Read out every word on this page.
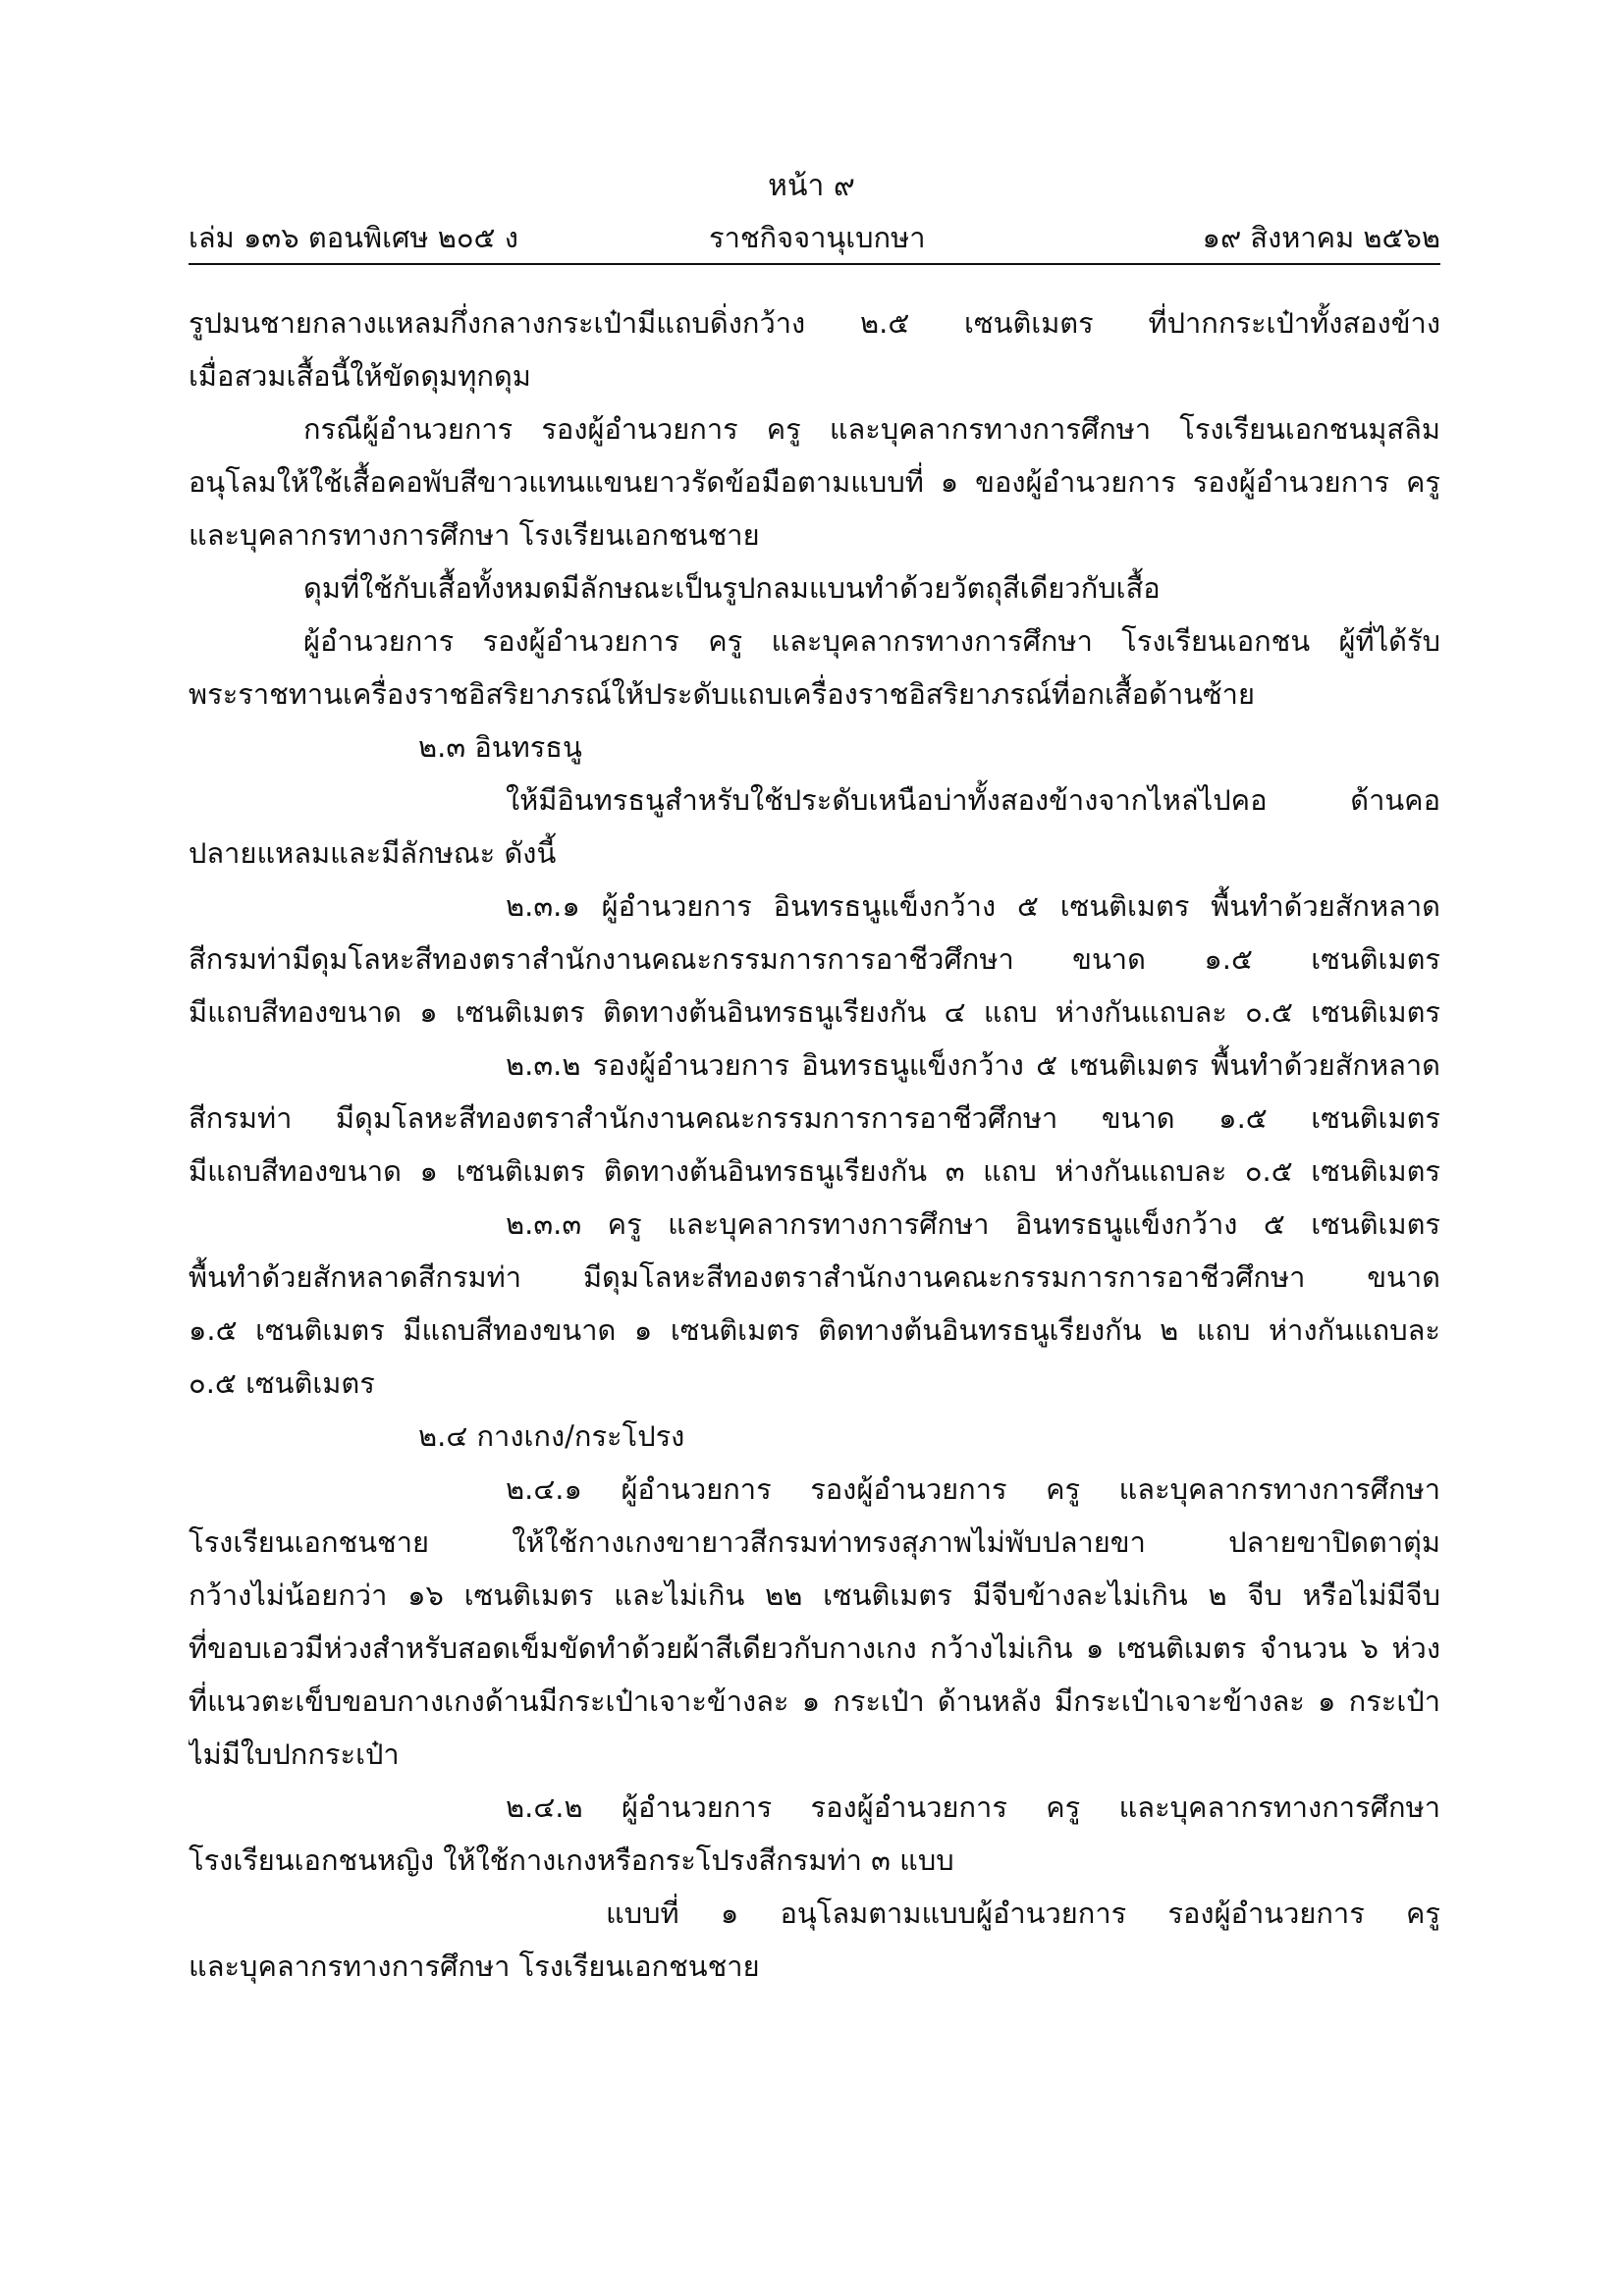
หน้า ๙
เล่ม ๑๓๖ ตอนพิเศษ ๒๐๕ ง	ราชกิจจานุเบกษา	๑๙ สิงหาคม ๒๕๖๒
รูปมนชายกลางแหลมกึ่งกลางกระเป๋ามีแถบดิ่งกว้าง ๒.๕ เซนติเมตร ที่ปากกระเป๋าทั้งสองข้าง
เมื่อสวมเสื้อนี้ให้ขัดดุมทุกดุม
กรณีผู้อำนวยการ รองผู้อำนวยการ ครู และบุคลากรทางการศึกษา โรงเรียนเอกชนมุสลิม
อนุโลมให้ใช้เสื้อคอพับสีขาวแทนแขนยาวรัดข้อมือตามแบบที่ ๑ ของผู้อำนวยการ รองผู้อำนวยการ ครู
และบุคลากรทางการศึกษา โรงเรียนเอกชนชาย
ดุมที่ใช้กับเสื้อทั้งหมดมีลักษณะเป็นรูปกลมแบนทำด้วยวัตถุสีเดียวกับเสื้อ
ผู้อำนวยการ รองผู้อำนวยการ ครู และบุคลากรทางการศึกษา โรงเรียนเอกชน ผู้ที่ได้รับ
พระราชทานเครื่องราชอิสริยาภรณ์ให้ประดับแถบเครื่องราชอิสริยาภรณ์ที่อกเสื้อด้านซ้าย
๒.๓ อินทรธนู
ให้มีอินทรธนูสำหรับใช้ประดับเหนือบ่าทั้งสองข้างจากไหล่ไปคอ ด้านคอ
ปลายแหลมและมีลักษณะ ดังนี้
๒.๓.๑ ผู้อำนวยการ อินทรธนูแข็งกว้าง ๕ เซนติเมตร พื้นทำด้วยสักหลาด
สีกรมท่ามีดุมโลหะสีทองตราสำนักงานคณะกรรมการการอาชีวศึกษา ขนาด ๑.๕ เซนติเมตร
มีแถบสีทองขนาด ๑ เซนติเมตร ติดทางต้นอินทรธนูเรียงกัน ๔ แถบ ห่างกันแถบละ ๐.๕ เซนติเมตร
๒.๓.๒ รองผู้อำนวยการ อินทรธนูแข็งกว้าง ๕ เซนติเมตร พื้นทำด้วยสักหลาด
สีกรมท่า มีดุมโลหะสีทองตราสำนักงานคณะกรรมการการอาชีวศึกษา ขนาด ๑.๕ เซนติเมตร
มีแถบสีทองขนาด ๑ เซนติเมตร ติดทางต้นอินทรธนูเรียงกัน ๓ แถบ ห่างกันแถบละ ๐.๕ เซนติเมตร
๒.๓.๓ ครู และบุคลากรทางการศึกษา อินทรธนูแข็งกว้าง ๕ เซนติเมตร
พื้นทำด้วยสักหลาดสีกรมท่า มีดุมโลหะสีทองตราสำนักงานคณะกรรมการการอาชีวศึกษา ขนาด
๑.๕ เซนติเมตร มีแถบสีทองขนาด ๑ เซนติเมตร ติดทางต้นอินทรธนูเรียงกัน ๒ แถบ ห่างกันแถบละ
๐.๕ เซนติเมตร
๒.๔ กางเกง/กระโปรง
๒.๔.๑ ผู้อำนวยการ รองผู้อำนวยการ ครู และบุคลากรทางการศึกษา
โรงเรียนเอกชนชาย ให้ใช้กางเกงขายาวสีกรมท่าทรงสุภาพไม่พับปลายขา ปลายขาปิดตาตุ่ม
กว้างไม่น้อยกว่า ๑๖ เซนติเมตร และไม่เกิน ๒๒ เซนติเมตร มีจีบข้างละไม่เกิน ๒ จีบ หรือไม่มีจีบ
ที่ขอบเอวมีห่วงสำหรับสอดเข็มขัดทำด้วยผ้าสีเดียวกับกางเกง กว้างไม่เกิน ๑ เซนติเมตร จำนวน ๖ ห่วง
ที่แนวตะเข็บขอบกางเกงด้านมีกระเป๋าเจาะข้างละ ๑ กระเป๋า ด้านหลัง มีกระเป๋าเจาะข้างละ ๑ กระเป๋า
ไม่มีใบปกกระเป๋า
๒.๔.๒ ผู้อำนวยการ รองผู้อำนวยการ ครู และบุคลากรทางการศึกษา
โรงเรียนเอกชนหญิง ให้ใช้กางเกงหรือกระโปรงสีกรมท่า ๓ แบบ
แบบที่ ๑ อนุโลมตามแบบผู้อำนวยการ รองผู้อำนวยการ ครู
และบุคลากรทางการศึกษา โรงเรียนเอกชนชาย
